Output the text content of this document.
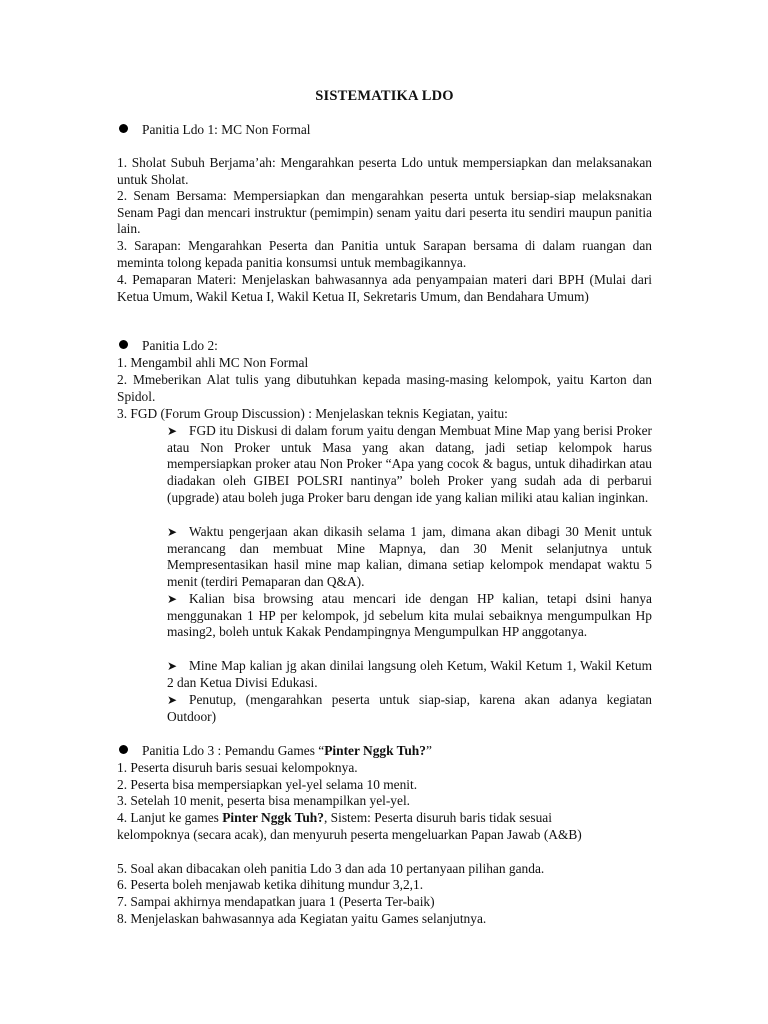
SISTEMATIKA LDO
Panitia Ldo 1: MC Non Formal
1. Sholat Subuh Berjama’ah: Mengarahkan peserta Ldo untuk mempersiapkan dan melaksanakan untuk Sholat.
2. Senam Bersama: Mempersiapkan dan mengarahkan peserta untuk bersiap-siap melaksnakan Senam Pagi dan mencari instruktur (pemimpin) senam yaitu dari peserta itu sendiri maupun panitia lain.
3. Sarapan: Mengarahkan Peserta dan Panitia untuk Sarapan bersama di dalam ruangan dan meminta tolong kepada panitia konsumsi untuk membagikannya.
4. Pemaparan Materi: Menjelaskan bahwasannya ada penyampaian materi dari BPH (Mulai dari Ketua Umum, Wakil Ketua I, Wakil Ketua II, Sekretaris Umum, dan Bendahara Umum)
Panitia Ldo 2:
1. Mengambil ahli MC Non Formal
2. Mmeberikan Alat tulis yang dibutuhkan kepada masing-masing kelompok, yaitu Karton dan Spidol.
3. FGD (Forum Group Discussion) : Menjelaskan teknis Kegiatan, yaitu:
➤ FGD itu Diskusi di dalam forum yaitu dengan Membuat Mine Map yang berisi Proker atau Non Proker untuk Masa yang akan datang, jadi setiap kelompok harus mempersiapkan proker atau Non Proker “Apa yang cocok & bagus, untuk dihadirkan atau diadakan oleh GIBEI POLSRI nantinya” boleh Proker yang sudah ada di perbarui (upgrade) atau boleh juga Proker baru dengan ide yang kalian miliki atau kalian inginkan.
➤ Waktu pengerjaan akan dikasih selama 1 jam, dimana akan dibagi 30 Menit untuk merancang dan membuat Mine Mapnya, dan 30 Menit selanjutnya untuk Mempresentasikan hasil mine map kalian, dimana setiap kelompok mendapat waktu 5 menit (terdiri Pemaparan dan Q&A).
➤ Kalian bisa browsing atau mencari ide dengan HP kalian, tetapi dsini hanya menggunakan 1 HP per kelompok, jd sebelum kita mulai sebaiknya mengumpulkan Hp masing2, boleh untuk Kakak Pendampingnya Mengumpulkan HP anggotanya.
➤ Mine Map kalian jg akan dinilai langsung oleh Ketum, Wakil Ketum 1, Wakil Ketum 2 dan Ketua Divisi Edukasi.
➤ Penutup, (mengarahkan peserta untuk siap-siap, karena akan adanya kegiatan Outdoor)
Panitia Ldo 3 : Pemandu Games “Pinter Nggk Tuh?”
1. Peserta disuruh baris sesuai kelompoknya.
2. Peserta bisa mempersiapkan yel-yel selama 10 menit.
3. Setelah 10 menit, peserta bisa menampilkan yel-yel.
4. Lanjut ke games Pinter Nggk Tuh?, Sistem: Peserta disuruh baris tidak sesuai kelompoknya (secara acak), dan menyuruh peserta mengeluarkan Papan Jawab (A&B)
5. Soal akan dibacakan oleh panitia Ldo 3 dan ada 10 pertanyaan pilihan ganda.
6. Peserta boleh menjawab ketika dihitung mundur 3,2,1.
7. Sampai akhirnya mendapatkan juara 1 (Peserta Ter-baik)
8. Menjelaskan bahwasannya ada Kegiatan yaitu Games selanjutnya.
